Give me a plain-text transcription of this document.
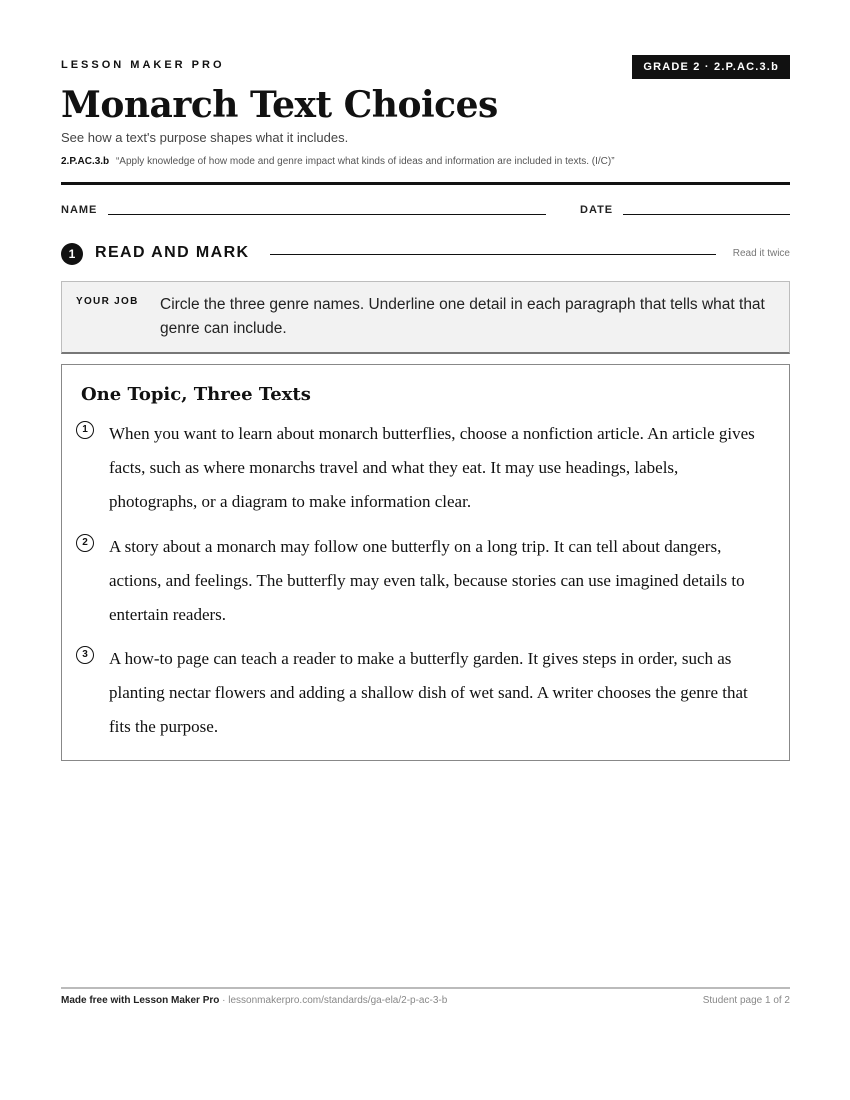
LESSON MAKER PRO	GRADE 2 · 2.P.AC.3.b
Monarch Text Choices
See how a text's purpose shapes what it includes.
2.P.AC.3.b “Apply knowledge of how mode and genre impact what kinds of ideas and information are included in texts. (I/C)”
NAME	DATE
1	READ AND MARK	Read it twice
YOUR JOB Circle the three genre names. Underline one detail in each paragraph that tells what that genre can include.
One Topic, Three Texts
1	When you want to learn about monarch butterflies, choose a nonfiction article. An article gives facts, such as where monarchs travel and what they eat. It may use headings, labels, photographs, or a diagram to make information clear.
2	A story about a monarch may follow one butterfly on a long trip. It can tell about dangers, actions, and feelings. The butterfly may even talk, because stories can use imagined details to entertain readers.
3	A how-to page can teach a reader to make a butterfly garden. It gives steps in order, such as planting nectar flowers and adding a shallow dish of wet sand. A writer chooses the genre that fits the purpose.
Made free with Lesson Maker Pro · lessonmakerpro.com/standards/ga-ela/2-p-ac-3-b	Student page 1 of 2
